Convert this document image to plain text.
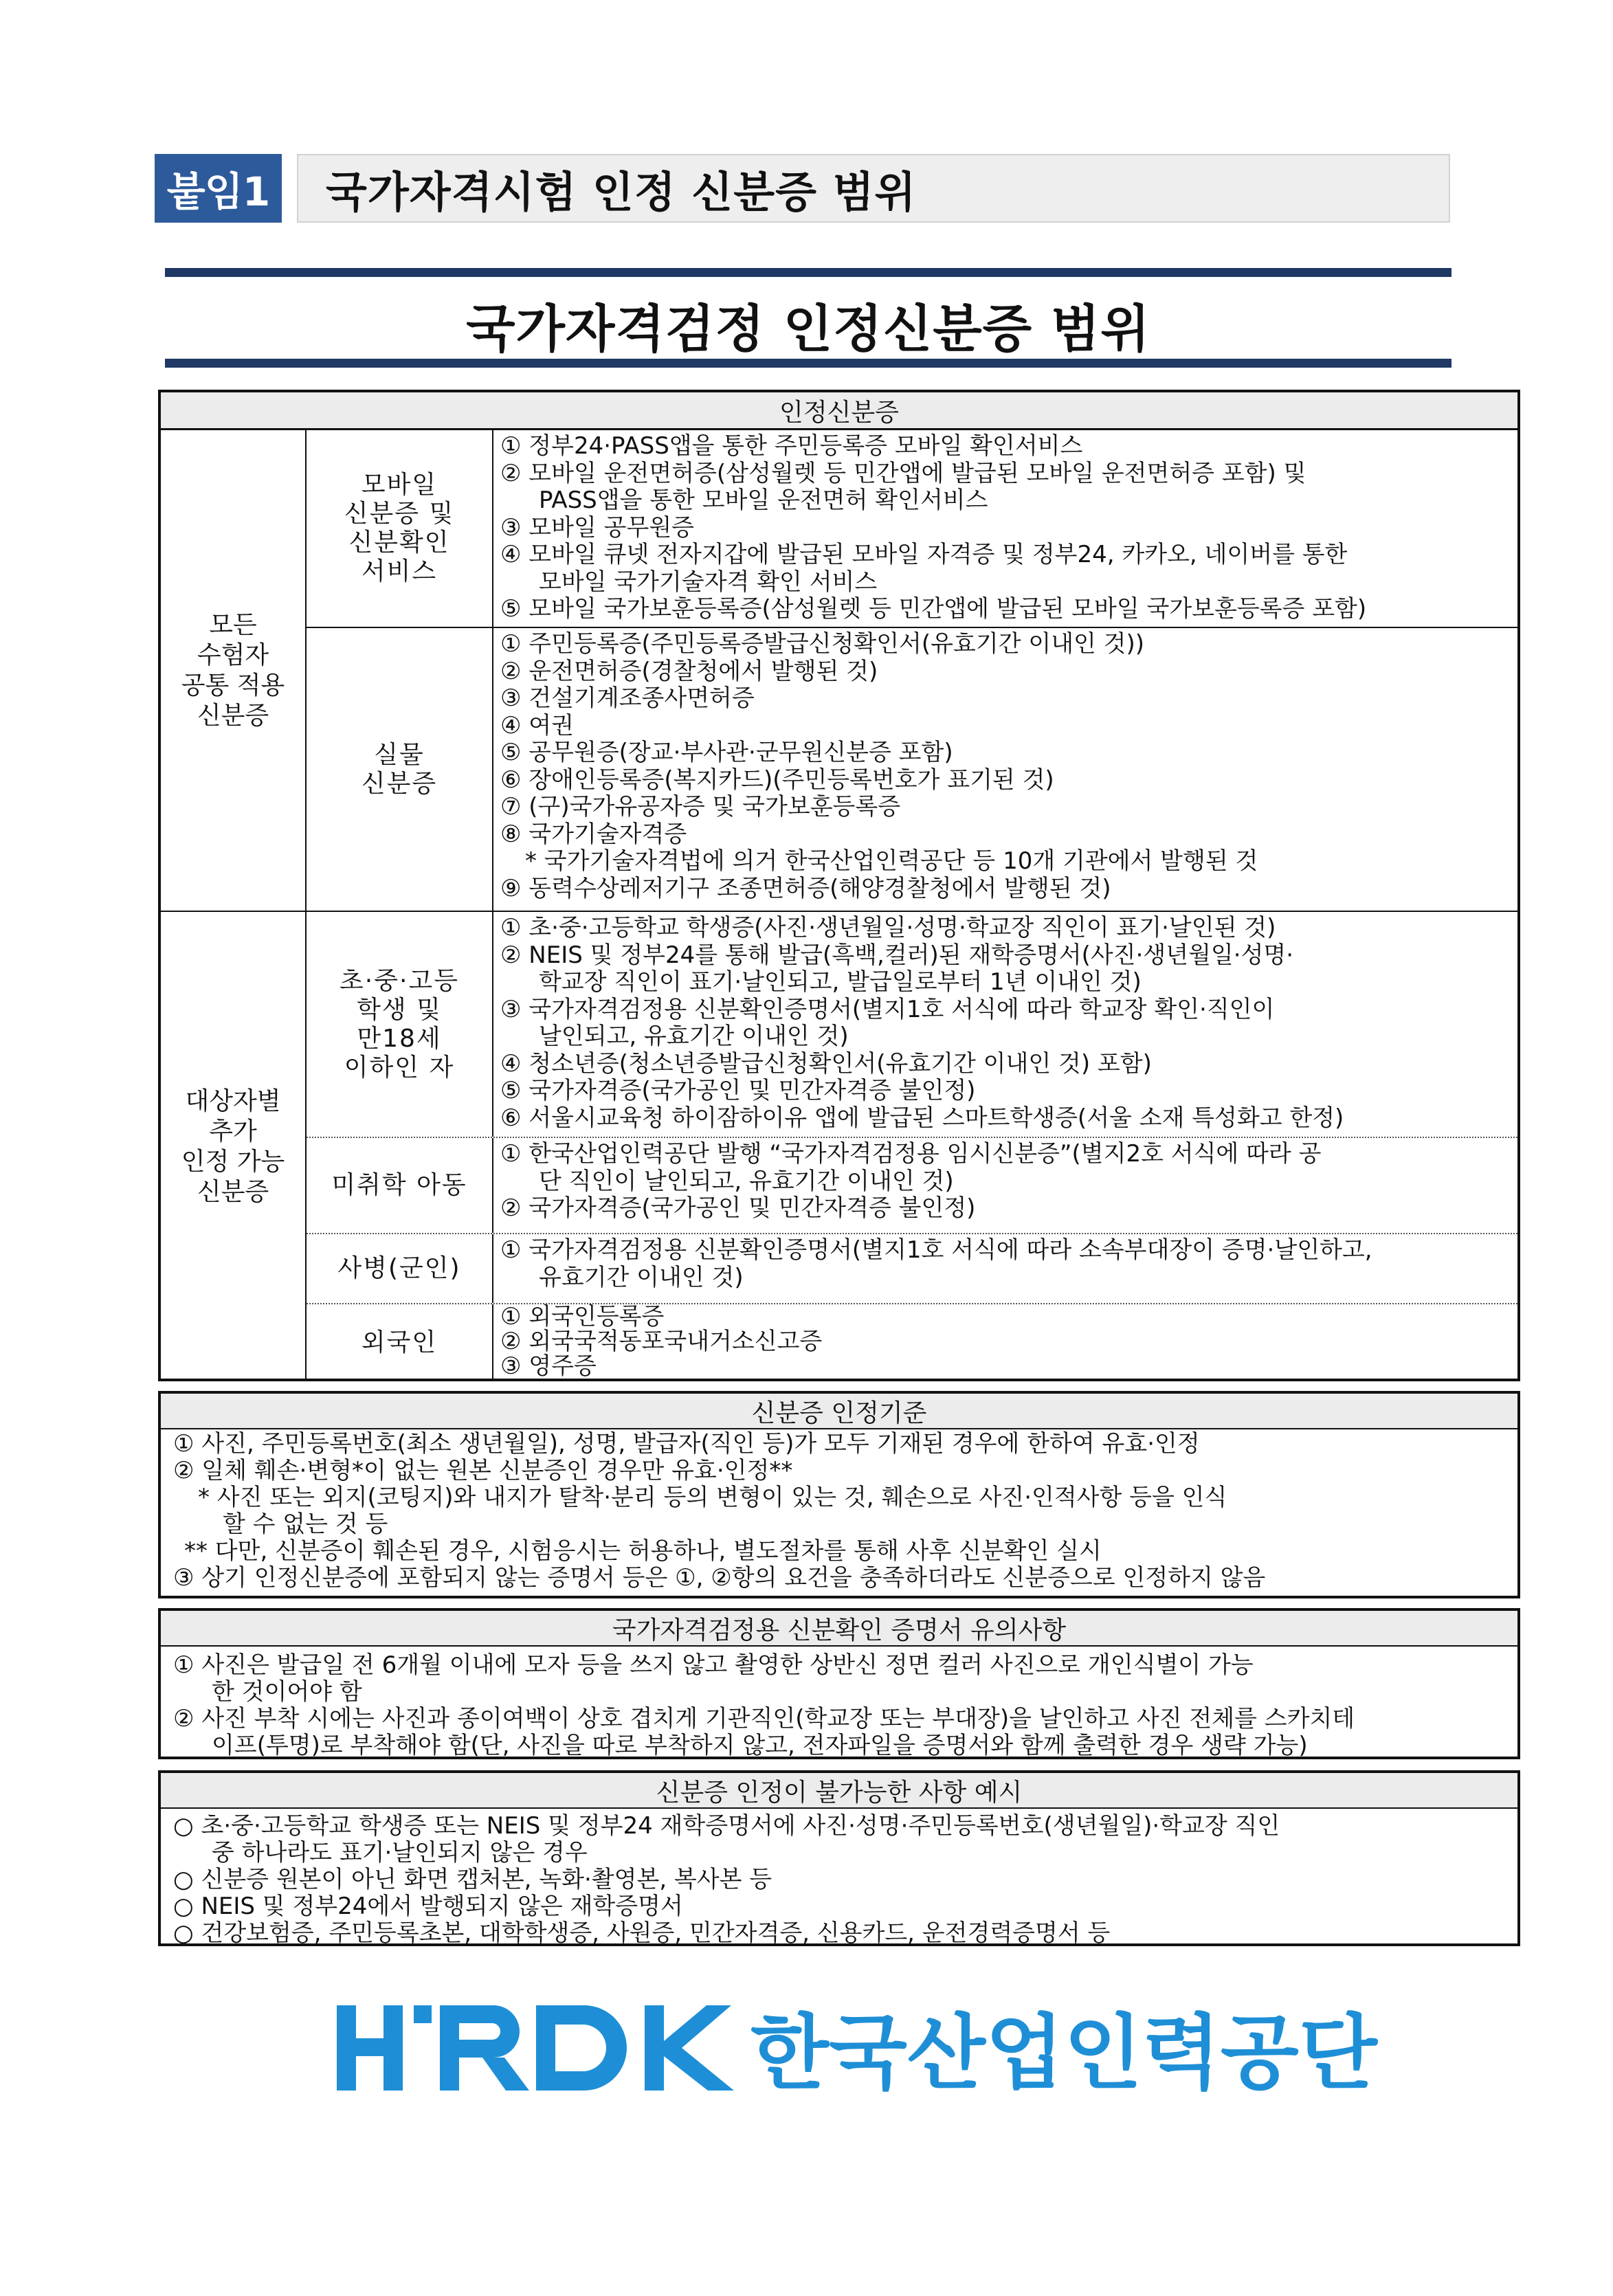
붙임1	국가자격시험 인정 신분증 범위
국가자격검정 인정신분증 범위
인정신분증
모든
수험자
공통 적용
신분증
대상자별
추가
인정 가능
신분증
모바일
신분증 및
신분확인
서비스
① 정부24·PASS앱을 통한 주민등록증 모바일 확인서비스
② 모바일 운전면허증(삼성월렛 등 민간앱에 발급된 모바일 운전면허증 포함) 및
PASS앱을 통한 모바일 운전면허 확인서비스
③ 모바일 공무원증
④ 모바일 큐넷 전자지갑에 발급된 모바일 자격증 및 정부24, 카카오, 네이버를 통한
모바일 국가기술자격 확인 서비스
⑤ 모바일 국가보훈등록증(삼성월렛 등 민간앱에 발급된 모바일 국가보훈등록증 포함)
실물
신분증
① 주민등록증(주민등록증발급신청확인서(유효기간 이내인 것))
② 운전면허증(경찰청에서 발행된 것)
③ 건설기계조종사면허증
④ 여권
⑤ 공무원증(장교·부사관·군무원신분증 포함)
⑥ 장애인등록증(복지카드)(주민등록번호가 표기된 것)
⑦ (구)국가유공자증 및 국가보훈등록증
⑧ 국가기술자격증
* 국가기술자격법에 의거 한국산업인력공단 등 10개 기관에서 발행된 것
⑨ 동력수상레저기구 조종면허증(해양경찰청에서 발행된 것)
초·중·고등
학생 및
만18세
이하인 자
① 초·중·고등학교 학생증(사진·생년월일·성명·학교장 직인이 표기·날인된 것)
② NEIS 및 정부24를 통해 발급(흑백,컬러)된 재학증명서(사진·생년월일·성명·
학교장 직인이 표기·날인되고, 발급일로부터 1년 이내인 것)
③ 국가자격검정용 신분확인증명서(별지1호 서식에 따라 학교장 확인·직인이
날인되고, 유효기간 이내인 것)
④ 청소년증(청소년증발급신청확인서(유효기간 이내인 것) 포함)
⑤ 국가자격증(국가공인 및 민간자격증 불인정)
⑥ 서울시교육청 하이잠하이유 앱에 발급된 스마트학생증(서울 소재 특성화고 한정)
미취학 아동
① 한국산업인력공단 발행 “국가자격검정용 임시신분증”(별지2호 서식에 따라 공
단 직인이 날인되고, 유효기간 이내인 것)
② 국가자격증(국가공인 및 민간자격증 불인정)
사병(군인)
① 국가자격검정용 신분확인증명서(별지1호 서식에 따라 소속부대장이 증명·날인하고,
유효기간 이내인 것)
외국인
① 외국인등록증
② 외국국적동포국내거소신고증
③ 영주증
신분증 인정기준
① 사진, 주민등록번호(최소 생년월일), 성명, 발급자(직인 등)가 모두 기재된 경우에 한하여 유효·인정
② 일체 훼손·변형*이 없는 원본 신분증인 경우만 유효·인정**
* 사진 또는 외지(코팅지)와 내지가 탈착·분리 등의 변형이 있는 것, 훼손으로 사진·인적사항 등을 인식
할 수 없는 것 등
** 다만, 신분증이 훼손된 경우, 시험응시는 허용하나, 별도절차를 통해 사후 신분확인 실시
③ 상기 인정신분증에 포함되지 않는 증명서 등은 ①, ②항의 요건을 충족하더라도 신분증으로 인정하지 않음
국가자격검정용 신분확인 증명서 유의사항
① 사진은 발급일 전 6개월 이내에 모자 등을 쓰지 않고 촬영한 상반신 정면 컬러 사진으로 개인식별이 가능
한 것이어야 함
② 사진 부착 시에는 사진과 종이여백이 상호 겹치게 기관직인(학교장 또는 부대장)을 날인하고 사진 전체를 스카치테
이프(투명)로 부착해야 함(단, 사진을 따로 부착하지 않고, 전자파일을 증명서와 함께 출력한 경우 생략 가능)
신분증 인정이 불가능한 사항 예시
○ 초·중·고등학교 학생증 또는 NEIS 및 정부24 재학증명서에 사진·성명·주민등록번호(생년월일)·학교장 직인
중 하나라도 표기·날인되지 않은 경우
○ 신분증 원본이 아닌 화면 캡처본, 녹화·촬영본, 복사본 등
○ NEIS 및 정부24에서 발행되지 않은 재학증명서
○ 건강보험증, 주민등록초본, 대학학생증, 사원증, 민간자격증, 신용카드, 운전경력증명서 등
한국산업인력공단
